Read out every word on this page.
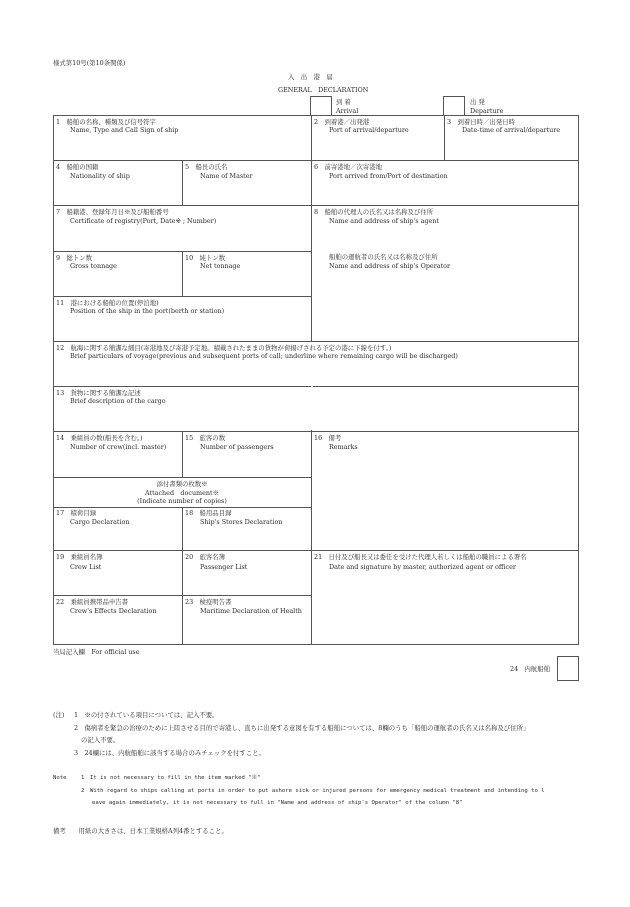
様式第10号(第10条関係)
入　出　港　届
GENERAL　DECLARATION
到 着
Arrival
出 発
Departure
1　船舶の名称、種類及び信号符字
Name, Type and Call Sign of ship
2　到着港／出発港
Port of arrival/departure
3　到着日時／出発日時
Date-time of arrival/departure
4　船舶の国籍
Nationality of ship
5　船長の氏名
Name of Master
6　前寄港地／次寄港地
Port arrived from/Port of destination
7　船籍港、登録年月日※及び船舶番号
Certificate of registry(Port, Date※ ; Number)
8　船舶の代理人の氏名又は名称及び住所
Name and address of ship's agent
船舶の運航者の氏名又は名称及び住所
Name and address of ship's Operator
9　総トン数
Gross tonnage
10　純トン数
Net tonnage
11　港における船舶の位置(停泊地)
Position of the ship in the port(berth or station)
12　航海に関する簡潔な細目(寄港地及び寄港予定地。積載されたままの貨物が荷揚げされる予定の港に下線を付す。)
Brief particulars of voyage(previous and subsequent ports of call; underline where remaining cargo will be discharged)
13　貨物に関する簡潔な記述
Brief description of the cargo
14　乗組員の数(船長を含む。)
Number of crew(incl. master)
15　旅客の数
Number of passengers
16　備考
Remarks
添付書類の枚数※
Attached　document※
(Indicate number of copies)
17　積荷目録
Cargo Declaration
18　船用品目録
Ship's Stores Declaration
19　乗組員名簿
Crew List
20　旅客名簿
Passenger List
21　日付及び船長又は委任を受けた代理人若しくは船舶の職員による署名
Date and signature by master, authorized agent or officer
22　乗組員携帯品申告書
Crew's Effects Declaration
23　検疫明告書
Maritime Declaration of Health
当局記入欄　For official use
24　内航船舶
(注) 1　※の付されている項目については、記入不要。
2　傷病者を緊急の治療のために上陸させる目的で寄港し、直ちに出発する意図を有する船舶については、8欄のうち「船舶の運航者の氏名又は名称及び住所」
の記入不要。
3　24欄には、内航船舶に該当する場合のみチェックを付すこと。
Note	1　It is not necessary to fill in the item marked "※"
2　With regard to ships calling at ports in order to put ashore sick or injured persons for emergency medical treatment and intending to l
eave again immediately, it is not necessary to full in "Name and address of ship's Operator" of the column "8"
備考　　用紙の大きさは、日本工業規格A列4番とすること。
